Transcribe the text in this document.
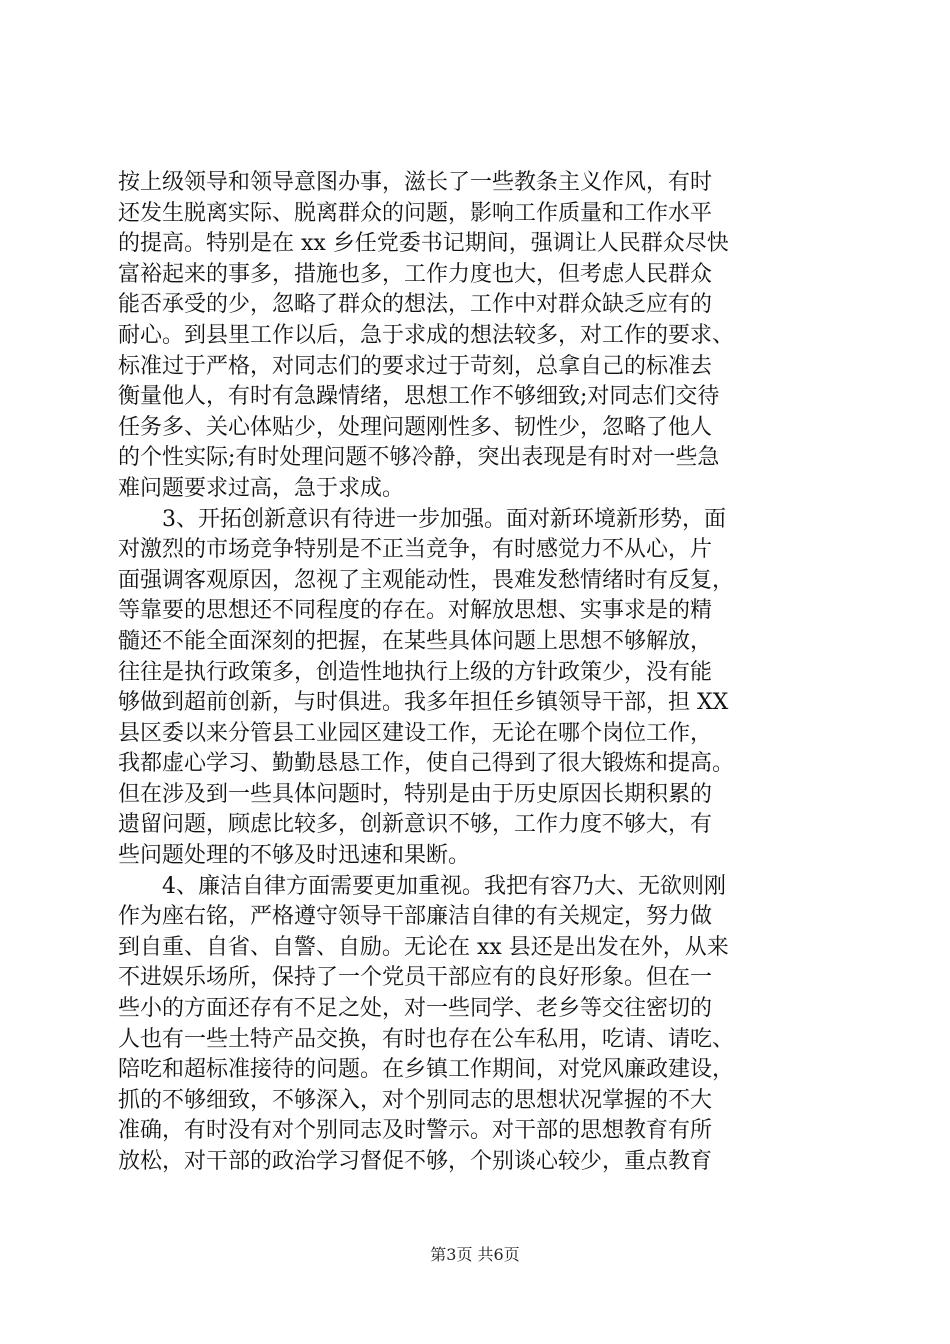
按上级领导和领导意图办事，滋长了一些教条主义作风，有时
还发生脱离实际、脱离群众的问题，影响工作质量和工作水平
的提高。特别是在 xx 乡任党委书记期间，强调让人民群众尽快
富裕起来的事多，措施也多，工作力度也大，但考虑人民群众
能否承受的少，忽略了群众的想法，工作中对群众缺乏应有的
耐心。到县里工作以后，急于求成的想法较多，对工作的要求、
标准过于严格，对同志们的要求过于苛刻，总拿自己的标准去
衡量他人，有时有急躁情绪，思想工作不够细致;对同志们交待
任务多、关心体贴少，处理问题刚性多、韧性少，忽略了他人
的个性实际;有时处理问题不够冷静，突出表现是有时对一些急
难问题要求过高，急于求成。
3、开拓创新意识有待进一步加强。面对新环境新形势，面
对激烈的市场竞争特别是不正当竞争，有时感觉力不从心，片
面强调客观原因，忽视了主观能动性，畏难发愁情绪时有反复，
等靠要的思想还不同程度的存在。对解放思想、实事求是的精
髓还不能全面深刻的把握，在某些具体问题上思想不够解放，
往往是执行政策多，创造性地执行上级的方针政策少，没有能
够做到超前创新，与时俱进。我多年担任乡镇领导干部，担 XX
县区委以来分管县工业园区建设工作，无论在哪个岗位工作，
我都虚心学习、勤勤恳恳工作，使自己得到了很大锻炼和提高。
但在涉及到一些具体问题时，特别是由于历史原因长期积累的
遗留问题，顾虑比较多，创新意识不够，工作力度不够大，有
些问题处理的不够及时迅速和果断。
4、廉洁自律方面需要更加重视。我把有容乃大、无欲则刚
作为座右铭，严格遵守领导干部廉洁自律的有关规定，努力做
到自重、自省、自警、自励。无论在 xx 县还是出发在外，从来
不进娱乐场所，保持了一个党员干部应有的良好形象。但在一
些小的方面还存有不足之处，对一些同学、老乡等交往密切的
人也有一些土特产品交换，有时也存在公车私用，吃请、请吃、
陪吃和超标准接待的问题。在乡镇工作期间，对党风廉政建设，
抓的不够细致，不够深入，对个别同志的思想状况掌握的不大
准确，有时没有对个别同志及时警示。对干部的思想教育有所
放松，对干部的政治学习督促不够，个别谈心较少，重点教育
第3页 共6页
